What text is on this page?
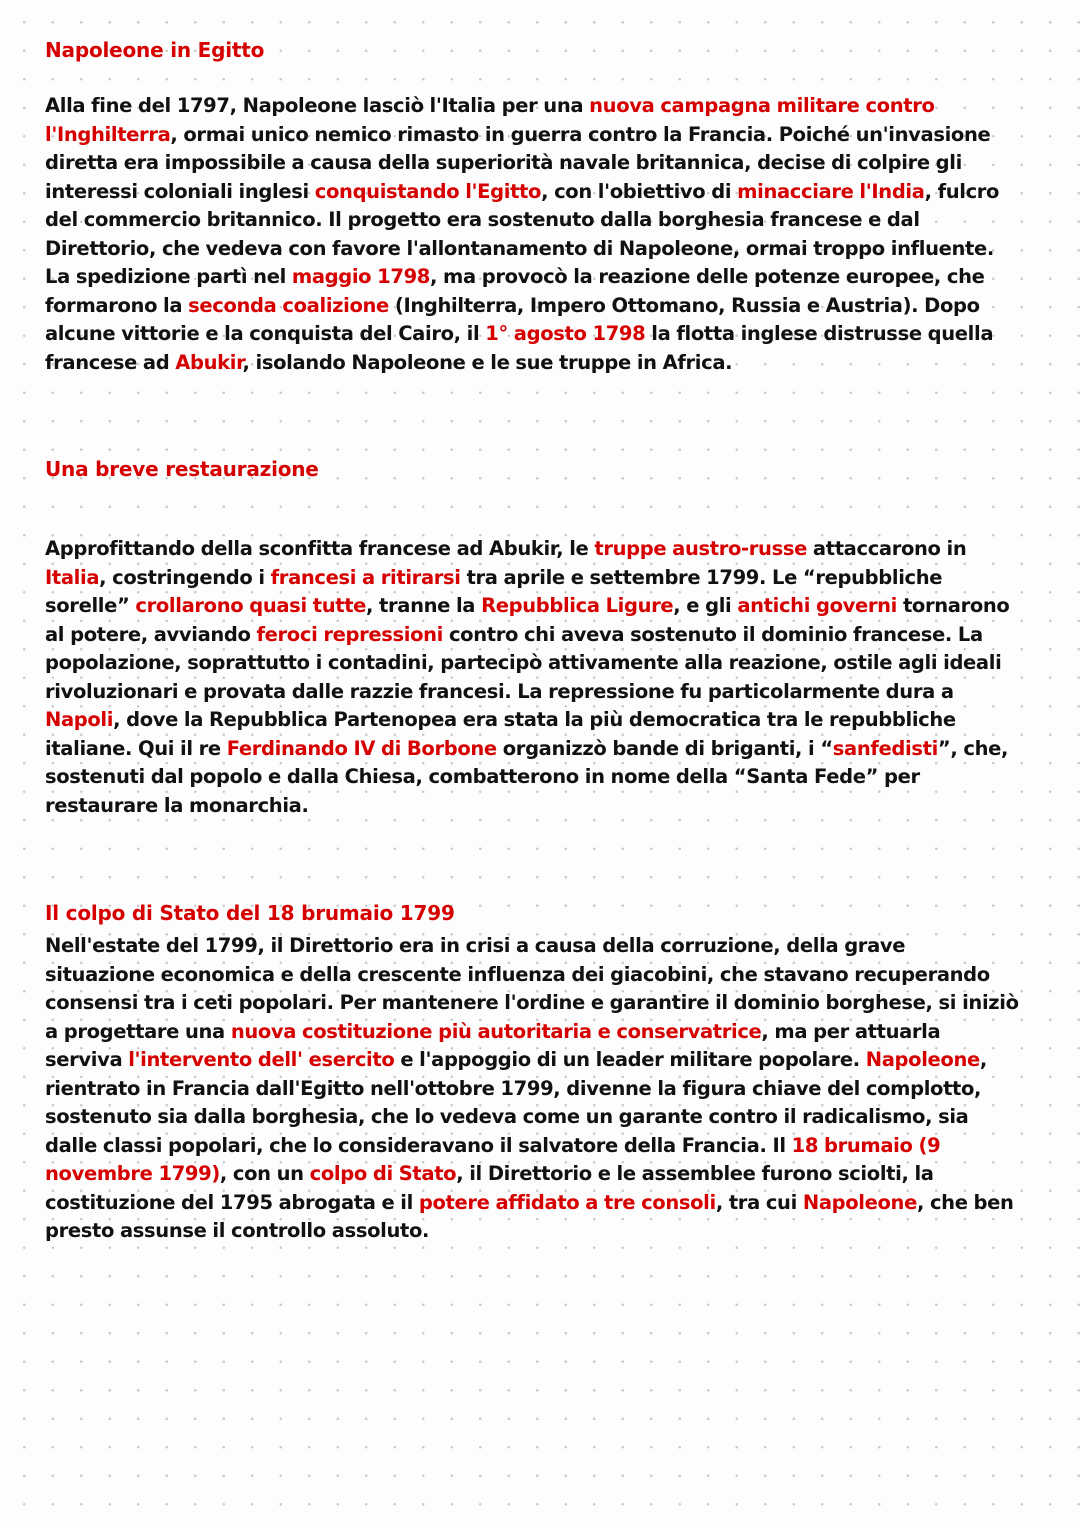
Napoleone in Egitto

Alla fine del 1797, Napoleone lasciò l'Italia per una nuova campagna militare contro l'Inghilterra, ormai unico nemico rimasto in guerra contro la Francia. Poiché un'invasione diretta era impossibile a causa della superiorità navale britannica, decise di colpire gli interessi coloniali inglesi conquistando l'Egitto, con l'obiettivo di minacciare l'India, fulcro del commercio britannico. Il progetto era sostenuto dalla borghesia francese e dal Direttorio, che vedeva con favore l'allontanamento di Napoleone, ormai troppo influente. La spedizione partì nel maggio 1798, ma provocò la reazione delle potenze europee, che formarono la seconda coalizione (Inghilterra, Impero Ottomano, Russia e Austria). Dopo alcune vittorie e la conquista del Cairo, il 1° agosto 1798 la flotta inglese distrusse quella francese ad Abukir, isolando Napoleone e le sue truppe in Africa.

Una breve restaurazione

Approfittando della sconfitta francese ad Abukir, le truppe austro-russe attaccarono in Italia, costringendo i francesi a ritirarsi tra aprile e settembre 1799. Le “repubbliche sorelle” crollarono quasi tutte, tranne la Repubblica Ligure, e gli antichi governi tornarono al potere, avviando feroci repressioni contro chi aveva sostenuto il dominio francese. La popolazione, soprattutto i contadini, partecipò attivamente alla reazione, ostile agli ideali rivoluzionari e provata dalle razzie francesi. La repressione fu particolarmente dura a Napoli, dove la Repubblica Partenopea era stata la più democratica tra le repubbliche italiane. Qui il re Ferdinando IV di Borbone organizzò bande di briganti, i “sanfedisti”, che, sostenuti dal popolo e dalla Chiesa, combatterono in nome della “Santa Fede” per restaurare la monarchia.

Il colpo di Stato del 18 brumaio 1799

Nell'estate del 1799, il Direttorio era in crisi a causa della corruzione, della grave situazione economica e della crescente influenza dei giacobini, che stavano recuperando consensi tra i ceti popolari. Per mantenere l'ordine e garantire il dominio borghese, si iniziò a progettare una nuova costituzione più autoritaria e conservatrice, ma per attuarla serviva l'intervento dell' esercito e l'appoggio di un leader militare popolare. Napoleone, rientrato in Francia dall'Egitto nell'ottobre 1799, divenne la figura chiave del complotto, sostenuto sia dalla borghesia, che lo vedeva come un garante contro il radicalismo, sia dalle classi popolari, che lo consideravano il salvatore della Francia. Il 18 brumaio (9 novembre 1799), con un colpo di Stato, il Direttorio e le assemblee furono sciolti, la costituzione del 1795 abrogata e il potere affidato a tre consoli, tra cui Napoleone, che ben presto assunse il controllo assoluto.
